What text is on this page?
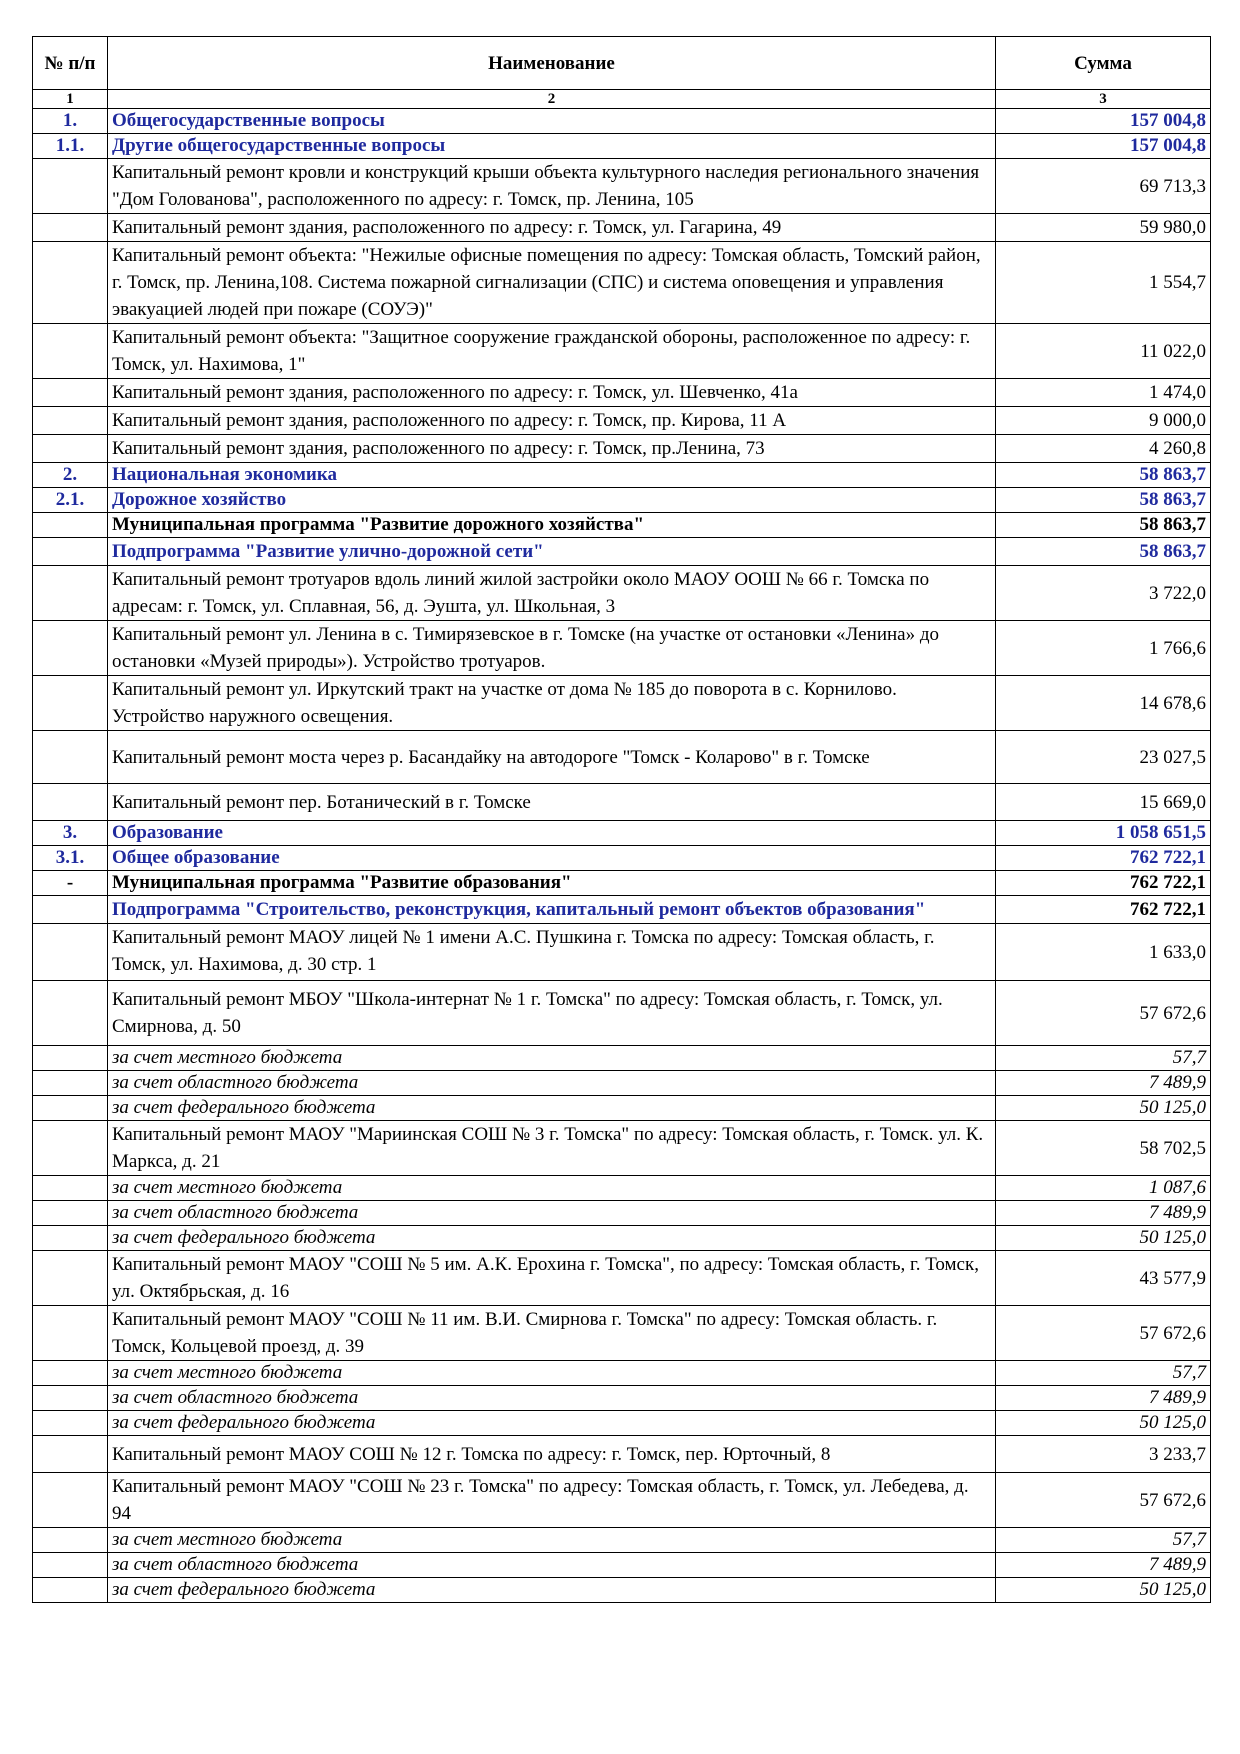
№ п/п	Наименование	Сумма
1	2	3
1.	Общегосударственные вопросы	157 004,8
1.1.	Другие общегосударственные вопросы	157 004,8
	Капитальный ремонт кровли и конструкций крыши объекта культурного наследия регионального значения "Дом Голованова", расположенного по адресу: г. Томск, пр. Ленина, 105	69 713,3
	Капитальный ремонт здания, расположенного по адресу: г. Томск, ул. Гагарина, 49	59 980,0
	Капитальный ремонт объекта: "Нежилые офисные помещения по адресу: Томская область, Томский район, г. Томск, пр. Ленина,108. Система пожарной сигнализации (СПС) и система оповещения и управления эвакуацией людей при пожаре (СОУЭ)"	1 554,7
	Капитальный ремонт объекта: "Защитное сооружение гражданской обороны, расположенное по адресу: г. Томск, ул. Нахимова, 1"	11 022,0
	Капитальный ремонт здания, расположенного по адресу: г. Томск, ул. Шевченко, 41а	1 474,0
	Капитальный ремонт здания, расположенного по адресу: г. Томск, пр. Кирова, 11 А	9 000,0
	Капитальный ремонт здания, расположенного по адресу: г. Томск, пр.Ленина, 73	4 260,8
2.	Национальная экономика	58 863,7
2.1.	Дорожное хозяйство	58 863,7
	Муниципальная программа "Развитие дорожного хозяйства"	58 863,7
	Подпрограмма "Развитие улично-дорожной сети"	58 863,7
	Капитальный ремонт тротуаров вдоль линий жилой застройки около МАОУ ООШ № 66 г. Томска по адресам: г. Томск, ул. Сплавная, 56, д. Эушта, ул. Школьная, 3	3 722,0
	Капитальный ремонт ул. Ленина в с. Тимирязевское в г. Томске (на участке от остановки «Ленина» до остановки «Музей природы»). Устройство тротуаров.	1 766,6
	Капитальный ремонт ул. Иркутский тракт на участке от дома № 185 до поворота в с. Корнилово. Устройство наружного освещения.	14 678,6
	Капитальный ремонт моста через р. Басандайку на автодороге "Томск - Коларово" в г. Томске	23 027,5
	Капитальный ремонт пер. Ботанический в г. Томске	15 669,0
3.	Образование	1 058 651,5
3.1.	Общее образование	762 722,1
-	Муниципальная программа "Развитие образования"	762 722,1
	Подпрограмма "Строительство, реконструкция, капитальный ремонт объектов образования"	762 722,1

	Капитальный ремонт МАОУ лицей № 1 имени А.С. Пушкина г. Томска по адресу: Томская область, г. Томск, ул. Нахимова, д. 30 стр. 1	1 633,0
	Капитальный ремонт МБОУ "Школа-интернат № 1 г. Томска" по адресу: Томская область, г. Томск, ул. Смирнова, д. 50	57 672,6
	за счет местного бюджета	57,7
	за счет областного бюджета	7 489,9
	за счет федерального бюджета	50 125,0
	Капитальный ремонт МАОУ "Мариинская СОШ № 3 г. Томска" по адресу: Томская область, г. Томск. ул. К. Маркса, д. 21	58 702,5
	за счет местного бюджета	1 087,6
	за счет областного бюджета	7 489,9
	за счет федерального бюджета	50 125,0
	Капитальный ремонт МАОУ "СОШ № 5 им. А.К. Ерохина г. Томска", по адресу: Томская область, г. Томск, ул. Октябрьская, д. 16	43 577,9
	Капитальный ремонт МАОУ "СОШ № 11 им. В.И. Смирнова г. Томска" по адресу: Томская область. г. Томск, Кольцевой проезд, д. 39	57 672,6
	за счет местного бюджета	57,7
	за счет областного бюджета	7 489,9
	за счет федерального бюджета	50 125,0
	Капитальный ремонт МАОУ СОШ № 12 г. Томска по адресу: г. Томск, пер. Юрточный, 8	3 233,7
	Капитальный ремонт МАОУ "СОШ № 23 г. Томска" по адресу: Томская область, г. Томск, ул. Лебедева, д. 94	57 672,6
	за счет местного бюджета	57,7
	за счет областного бюджета	7 489,9
	за счет федерального бюджета	50 125,0
